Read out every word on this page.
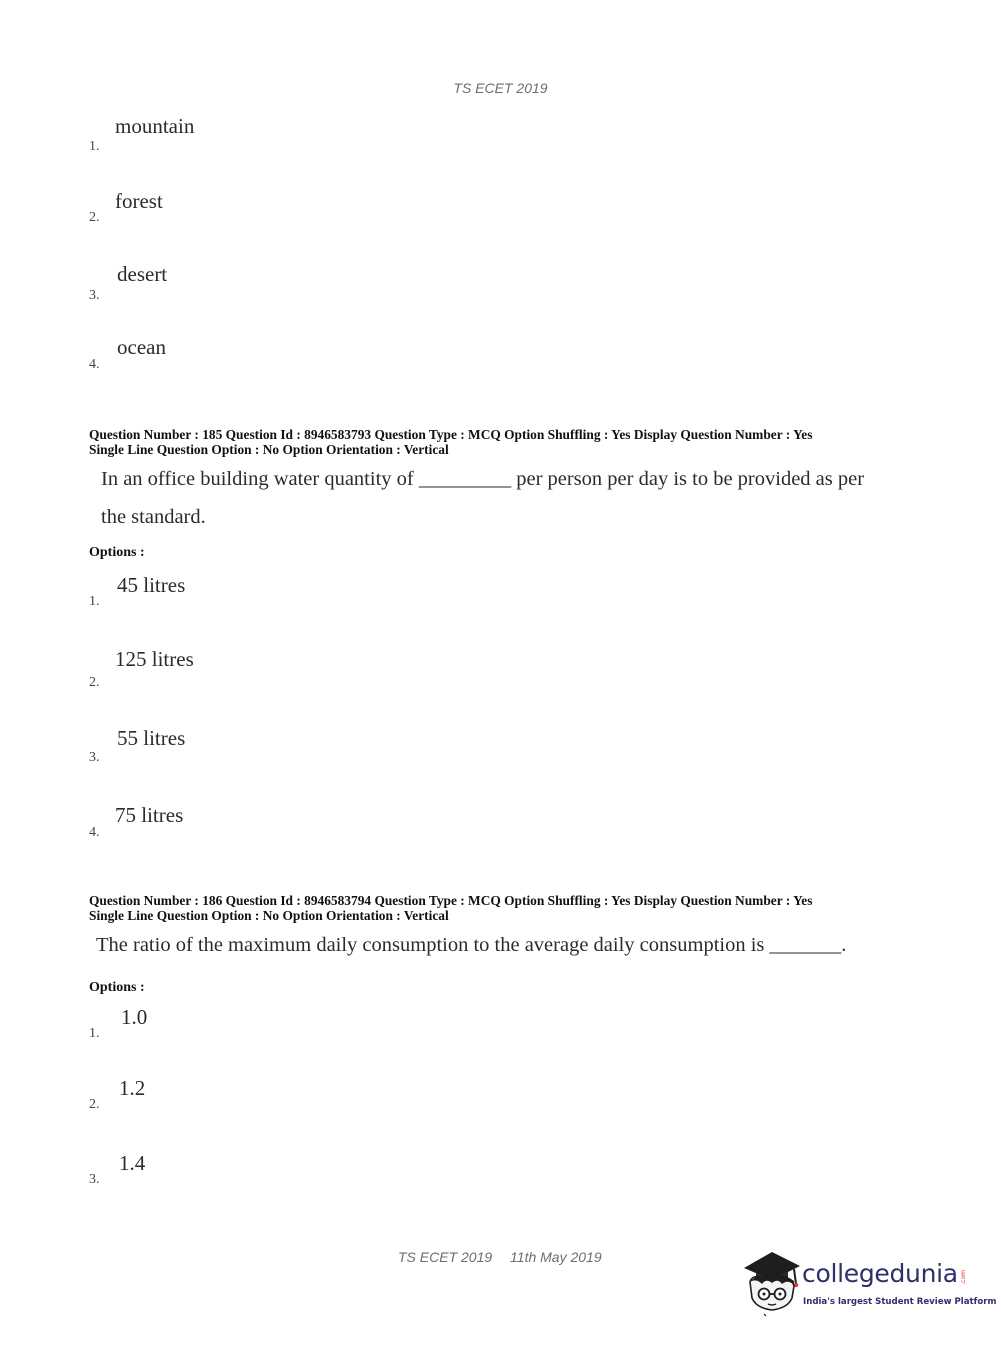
TS ECET 2019
mountain
1.
forest
2.
desert
3.
ocean
4.
Question Number : 185 Question Id : 8946583793 Question Type : MCQ Option Shuffling : Yes Display Question Number : Yes
Single Line Question Option : No Option Orientation : Vertical
In an office building water quantity of _________ per person per day is to be provided as per
the standard.
Options :
45 litres
1.
125 litres
2.
55 litres
3.
75 litres
4.
Question Number : 186 Question Id : 8946583794 Question Type : MCQ Option Shuffling : Yes Display Question Number : Yes
Single Line Question Option : No Option Orientation : Vertical
The ratio of the maximum daily consumption to the average daily consumption is _______.
Options :
1.0
1.
1.2
2.
1.4
3.
TS ECET 2019 11th May 2019
collegedunia .com
India's largest Student Review Platform
